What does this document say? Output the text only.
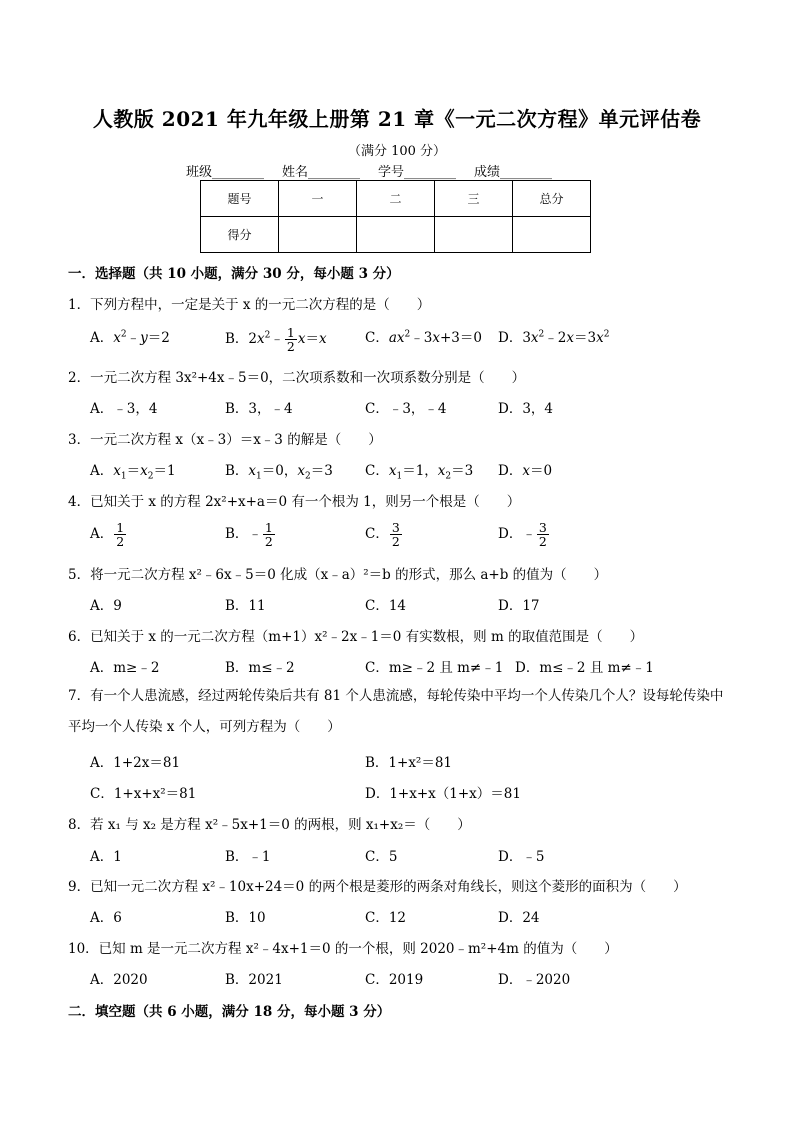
人教版 2021 年九年级上册第 21 章《一元二次方程》单元评估卷
（满分 100 分）
班级________ 姓名________ 学号________ 成绩________
题号	一	二	三	总分
得分				
一．选择题（共 10 小题，满分 30 分，每小题 3 分）
1．下列方程中，一定是关于 x 的一元二次方程的是（　　）
A．$x^2﹣y=2$	B．$2x^2﹣ \frac{1}{2} x=x$	C．$ax^2﹣3x+3=0$ D．$3x^2﹣2x=3x^2$
2．一元二次方程 3x²+4x﹣5＝0，二次项系数和一次项系数分别是（　　）
A．﹣3，4	B．3，﹣4	C．﹣3，﹣4	D．3，4
3．一元二次方程 x（x﹣3）＝x﹣3 的解是（　　）
A．$x_1=x_2=1$	B．$x_1=0$，$x_2=3$ C．$x_1=1$，$x_2=3$ D．x＝0
4．已知关于 x 的方程 2x²+x+a＝0 有一个根为 1，则另一个根是（　　）
A． $\frac{1}{2}$	B．﹣ $\frac{1}{2}$	C． $\frac{3}{2}$	D．﹣ $\frac{3}{2}$
5．将一元二次方程 x²﹣6x﹣5＝0 化成（x﹣a）²＝b 的形式，那么 a+b 的值为（　　）
A．9	B．11	C．14	D．17
6．已知关于 x 的一元二次方程（m+1）x²﹣2x﹣1＝0 有实数根，则 m 的取值范围是（　　）
A．m≥﹣2	B．m≤﹣2	C．m≥﹣2 且 m≠﹣1 D．m≤﹣2 且 m≠﹣1
7．有一个人患流感，经过两轮传染后共有 81 个人患流感，每轮传染中平均一个人传染几个人？设每轮传染中平均一个人传染 x 个人，可列方程为（　　）
A．1+2x＝81	B．1+x²＝81
C．1+x+x²＝81	D．1+x+x（1+x）＝81
8．若 x₁ 与 x₂ 是方程 x²﹣5x+1＝0 的两根，则 x₁+x₂＝（　　）
A．1	B．﹣1	C．5	D．﹣5
9．已知一元二次方程 x²﹣10x+24＝0 的两个根是菱形的两条对角线长，则这个菱形的面积为（　　）
A．6	B．10	C．12	D．24
10．已知 m 是一元二次方程 x²﹣4x+1＝0 的一个根，则 2020﹣m²+4m 的值为（　　）
A．2020	B．2021	C．2019	D．﹣2020
二．填空题（共 6 小题，满分 18 分，每小题 3 分）
